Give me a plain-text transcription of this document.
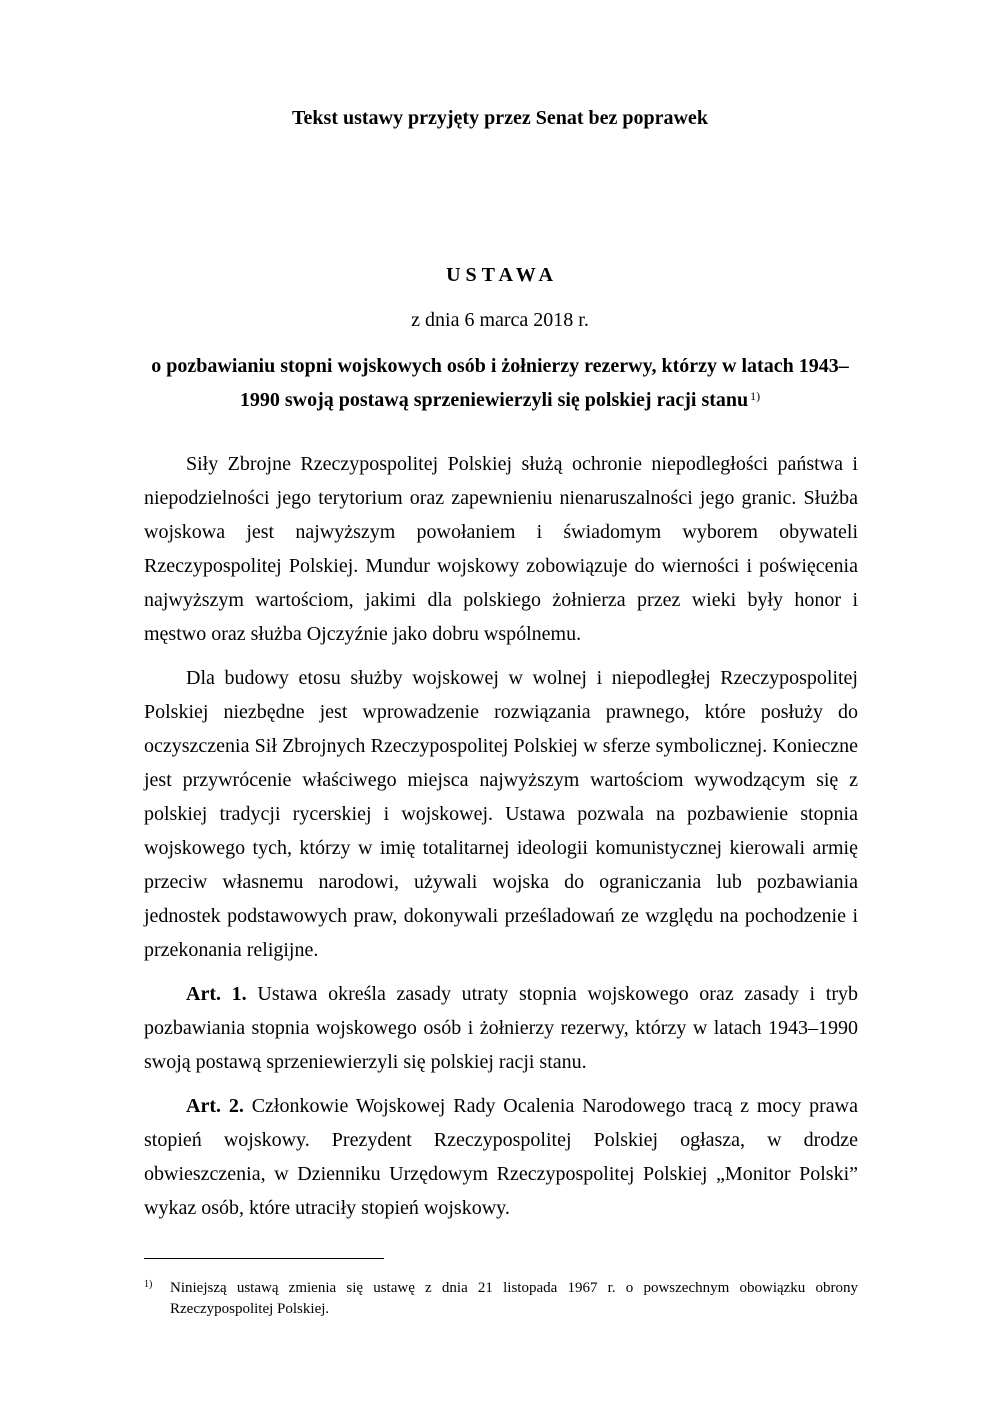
Tekst ustawy przyjęty przez Senat bez poprawek
USTAWA
z dnia 6 marca 2018 r.
o pozbawianiu stopni wojskowych osób i żołnierzy rezerwy, którzy w latach 1943–1990 swoją postawą sprzeniewierzyli się polskiej racji stanu $^{1)}$

Siły Zbrojne Rzeczypospolitej Polskiej służą ochronie niepodległości państwa i niepodzielności jego terytorium oraz zapewnieniu nienaruszalności jego granic. Służba wojskowa jest najwyższym powołaniem i świadomym wyborem obywateli Rzeczypospolitej Polskiej. Mundur wojskowy zobowiązuje do wierności i poświęcenia najwyższym wartościom, jakimi dla polskiego żołnierza przez wieki były honor i męstwo oraz służba Ojczyźnie jako dobru wspólnemu.

Dla budowy etosu służby wojskowej w wolnej i niepodległej Rzeczypospolitej Polskiej niezbędne jest wprowadzenie rozwiązania prawnego, które posłuży do oczyszczenia Sił Zbrojnych Rzeczypospolitej Polskiej w sferze symbolicznej. Konieczne jest przywrócenie właściwego miejsca najwyższym wartościom wywodzącym się z polskiej tradycji rycerskiej i wojskowej. Ustawa pozwala na pozbawienie stopnia wojskowego tych, którzy w imię totalitarnej ideologii komunistycznej kierowali armię przeciw własnemu narodowi, używali wojska do ograniczania lub pozbawiania jednostek podstawowych praw, dokonywali prześladowań ze względu na pochodzenie i przekonania religijne.

Art. 1. Ustawa określa zasady utraty stopnia wojskowego oraz zasady i tryb pozbawiania stopnia wojskowego osób i żołnierzy rezerwy, którzy w latach 1943–1990 swoją postawą sprzeniewierzyli się polskiej racji stanu.

Art. 2. Członkowie Wojskowej Rady Ocalenia Narodowego tracą z mocy prawa stopień wojskowy. Prezydent Rzeczypospolitej Polskiej ogłasza, w drodze obwieszczenia, w Dzienniku Urzędowym Rzeczypospolitej Polskiej „Monitor Polski” wykaz osób, które utraciły stopień wojskowy.

1) Niniejszą ustawą zmienia się ustawę z dnia 21 listopada 1967 r. o powszechnym obowiązku obrony Rzeczypospolitej Polskiej.
